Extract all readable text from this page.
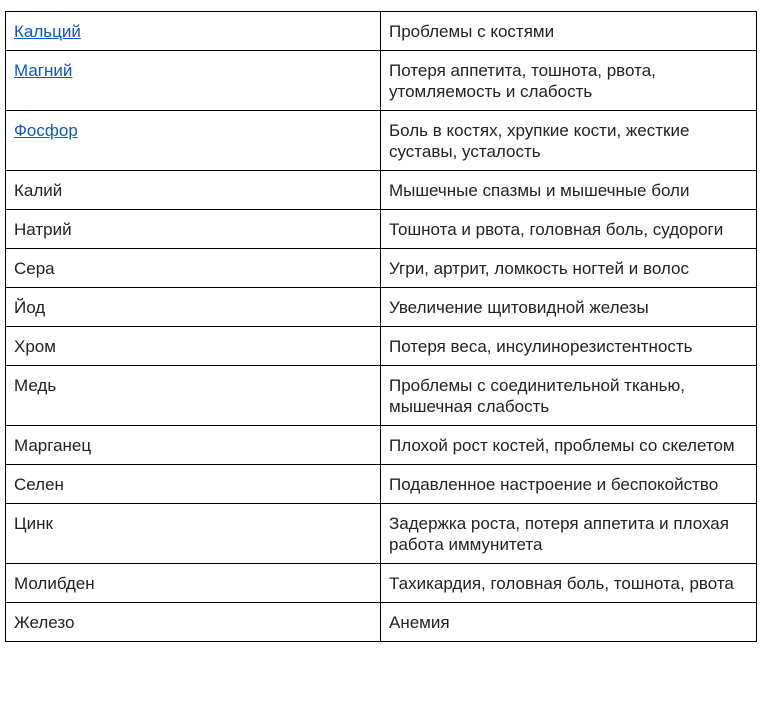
Кальций	Проблемы с костями
Магний	Потеря аппетита, тошнота, рвота, утомляемость и слабость
Фосфор	Боль в костях, хрупкие кости, жесткие суставы, усталость
Калий	Мышечные спазмы и мышечные боли
Натрий	Тошнота и рвота, головная боль, судороги
Сера	Угри, артрит, ломкость ногтей и волос
Йод	Увеличение щитовидной железы
Хром	Потеря веса, инсулинорезистентность
Медь	Проблемы с соединительной тканью, мышечная слабость
Марганец	Плохой рост костей, проблемы со скелетом
Селен	Подавленное настроение и беспокойство
Цинк	Задержка роста, потеря аппетита и плохая работа иммунитета
Молибден	Тахикардия, головная боль, тошнота, рвота
Железо	Анемия
